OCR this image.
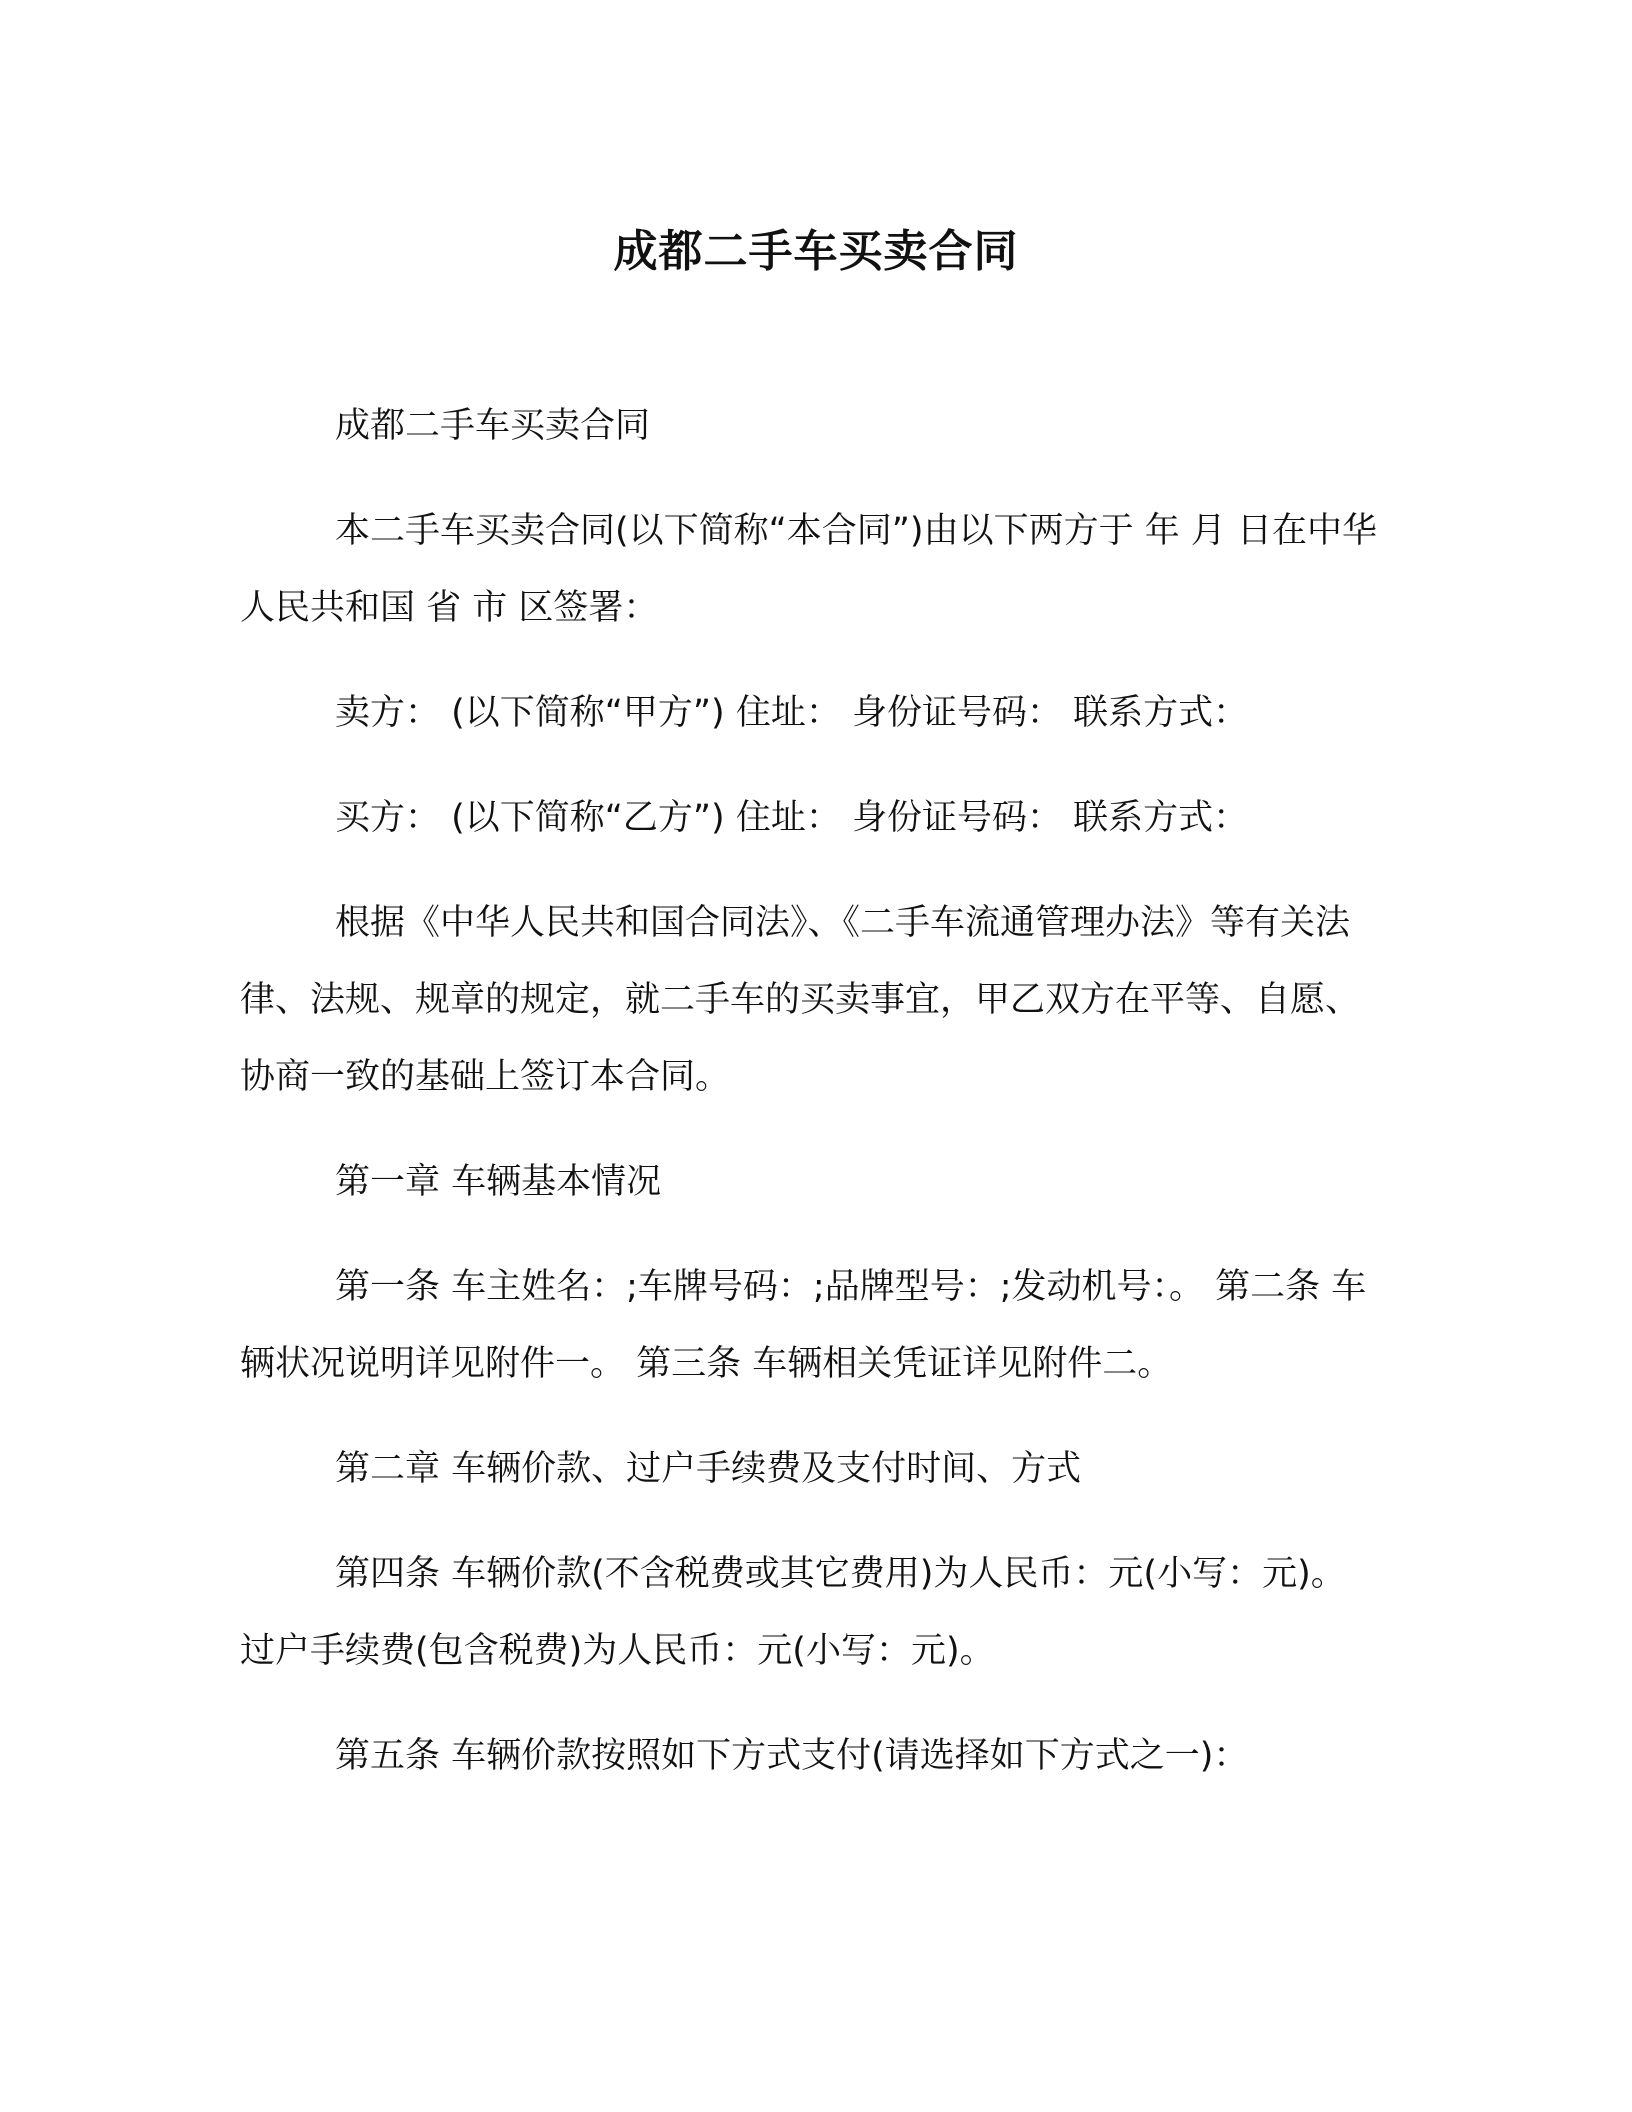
成都二手车买卖合同

成都二手车买卖合同

本二手车买卖合同(以下简称“本合同”)由以下两方于 年 月 日在中华人民共和国 省 市 区签署：

卖方： (以下简称“甲方”) 住址： 身份证号码： 联系方式：

买方： (以下简称“乙方”) 住址： 身份证号码： 联系方式：

根据《中华人民共和国合同法》、《二手车流通管理办法》等有关法律、法规、规章的规定，就二手车的买卖事宜，甲乙双方在平等、自愿、协商一致的基础上签订本合同。

第一章 车辆基本情况

第一条 车主姓名：;车牌号码：;品牌型号：;发动机号：。 第二条 车辆状况说明详见附件一。 第三条 车辆相关凭证详见附件二。

第二章 车辆价款、过户手续费及支付时间、方式

第四条 车辆价款(不含税费或其它费用)为人民币：元(小写：元)。过户手续费(包含税费)为人民币：元(小写：元)。

第五条 车辆价款按照如下方式支付(请选择如下方式之一)：
